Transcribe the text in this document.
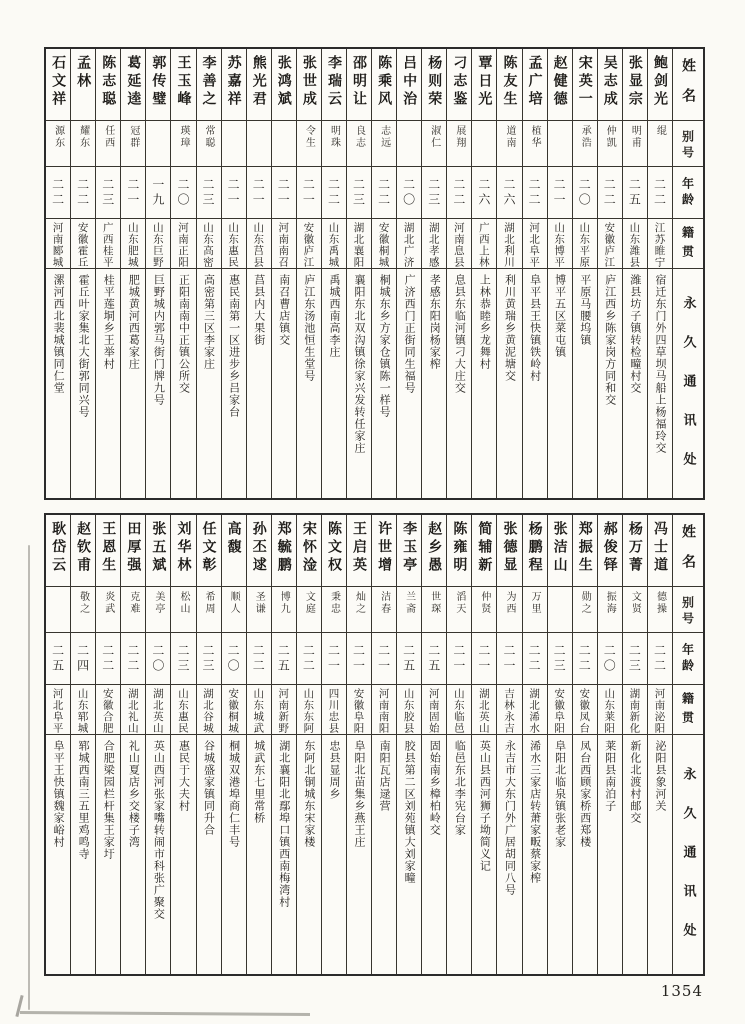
姓名
别号
年龄
籍贯
永久通讯处
鲍剑光
绲
二二
江苏睢宁
宿迁东门外四草坝马船上杨福玲交
张显宗
明甫
二五
山东潍县
潍县坊子镇转检疃村交
吴志成
仲凯
二二
安徽庐江
庐江西乡陈家岗方同和交
宋英一
承浩
二〇
山东平原
平原马腰坞镇
赵健德
二一
山东博平
博平五区菜屯镇
孟广培
植华
二二
河北阜平
阜平县王快镇铁岭村
陈友生
道南
二六
湖北利川
利川黄瑞乡黄泥塘交
覃日光
二六
广西上林
上林恭睦乡龙舞村
刁志鉴
展翔
二二
河南息县
息县东临河镇刁大庄交
杨则荣
淑仁
二三
湖北孝感
孝感东阳岗杨家榨
吕中治
二〇
湖北广济
广济西门正街同生福号
陈乘风
志远
二二
安徽桐城
桐城东乡方家仓镇陈一样号
邵明让
良志
二三
湖北襄阳
襄阳东北双沟镇徐家兴发转任家庄
李瑞云
明珠
二二
山东禹城
禹城西南高李庄
张世成
令生
二一
安徽庐江
庐江东汤池恒生堂号
张鸿斌
二一
河南南召
南召曹店镇交
熊光君
二一
山东莒县
莒县内大果街
苏嘉祥
二一
山东惠民
惠民南第一区进步乡吕家台
李善之
常聪
二三
山东高密
高密第三区李家庄
王玉峰
瑛璋
二〇
河南正阳
正阳南南中正镇公所交
郭传璧
一九
山东巨野
巨野城内郭马街门牌九号
葛延逵
冠群
二一
山东肥城
肥城黄河西葛家庄
陈志聪
任西
二三
广西桂平
桂平莲垌乡王举村
孟林
耀东
二二
安徽霍丘
霍丘叶家集北大街郭同兴号
石文祥
源东
二二
河南郾城
漯河西北裴城镇同仁堂
姓名
别号
年龄
籍贯
永久通讯处
冯士道
德操
二二
河南泌阳
泌阳县象河关
杨万菁
文贤
二三
湖南新化
新化北渡村邮交
郝俊铎
振海
二〇
山东莱阳
莱阳县南泊子
郑振生
勋之
二二
安徽凤台
凤台西顾家桥西郑楼
张洁山
二三
安徽阜阳
阜阳北临泉镇张老家
杨鹏程
万里
二二
湖北浠水
浠水三家店转萧家畈蔡家榨
张德显
为西
二一
吉林永吉
永吉市大东门外广居胡同八号
简辅新
仲贤
二一
湖北英山
英山县西河狮子坳简义记
陈雍明
滔天
二一
山东临邑
临邑东北李宪台家
赵乡愚
世琛
二五
河南固始
固始南乡樟柏岭交
李玉亭
兰斋
二五
山东胶县
胶县第二区刘苑镇大刘家疃
许世增
洁春
二一
河南南阳
南阳瓦店逯营
王启英
灿之
二一
安徽阜阳
阜阳北苗集乡燕王庄
陈文权
秉忠
二一
四川忠县
忠县显周乡
宋怀淦
文庭
二二
山东东阿
东阿北铜城东宋家楼
郑毓鹏
博九
二五
河南新野
湖北襄阳北鄢埠口镇西南梅湾村
孙丕逑
圣谦
二二
山东城武
城武东七里常桥
高馥
顺人
二〇
安徽桐城
桐城双港埠商仁丰号
任文彰
希周
二三
湖北谷城
谷城盛家镇同升合
刘华林
松山
二三
山东惠民
惠民于大夫村
张五斌
美亭
二〇
湖北英山
英山西河张家嘴转闹市科张广聚交
田厚强
克难
二二
湖北礼山
礼山夏店乡交楼子湾
王恩生
炎武
二二
安徽合肥
合肥梁园栏杆集王家圩
赵钦甫
敬之
二四
山东郓城
郓城西南三五里鸡鸣寺
耿岱云
二五
河北阜平
阜平王快镇魏家峪村
1354
